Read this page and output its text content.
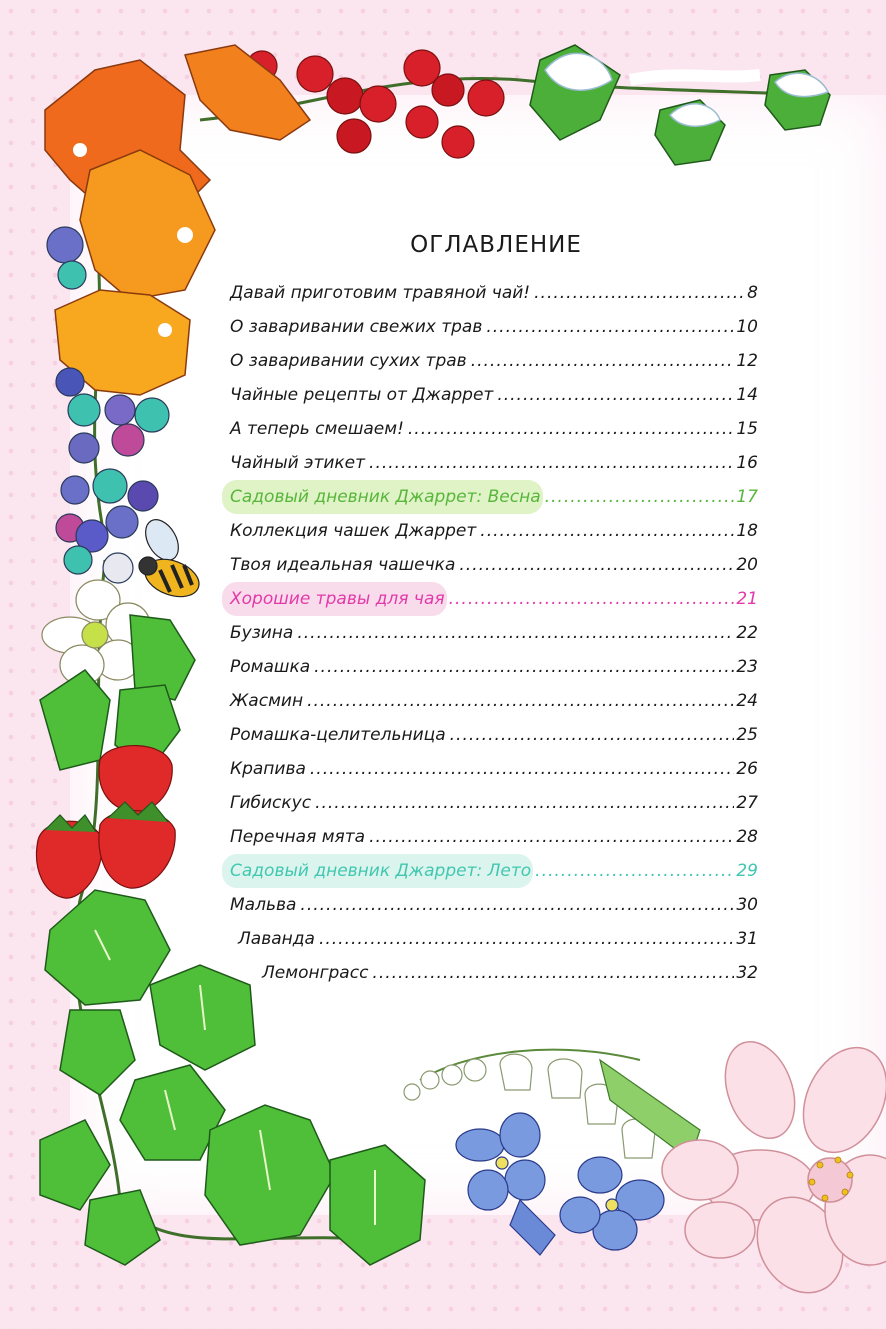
ОГЛАВЛЕНИЕ
Давай приготовим травяной чай! . . .	8
О заваривании свежих трав . . .	10
О заваривании сухих трав . . .	12
Чайные рецепты от Джаррет . . .	14
А теперь смешаем! . . .	15
Чайный этикет . . .	16
Садовый дневник Джаррет: Весна . . .	17
Коллекция чашек Джаррет . . .	18
Твоя идеальная чашечка . . .	20
Хорошие травы для чая . . .	21
Бузина . . .	22
Ромашка . . .	23
Жасмин . . .	24
Ромашка-целительница . . .	25
Крапива . . .	26
Гибискус . . .	27
Перечная мята . . .	28
Садовый дневник Джаррет: Лето . . .	29
Мальва . . .	30
Лаванда . . .	31
Лемонграсс . . .	32
